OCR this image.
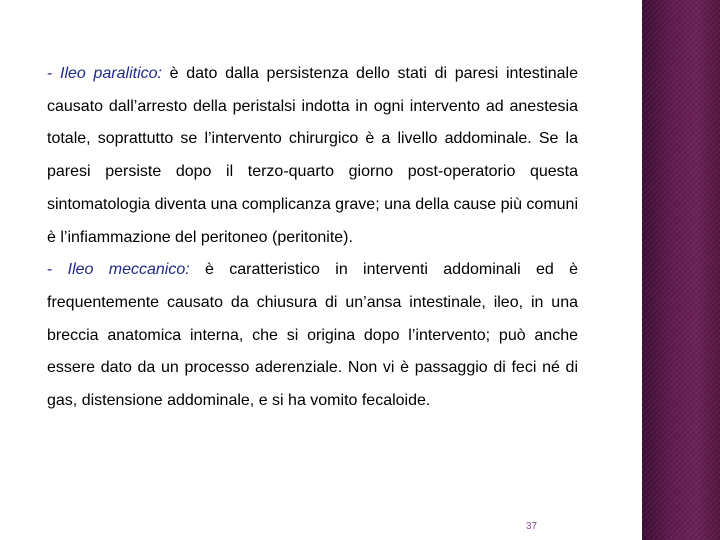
- Ileo paralitico: è dato dalla persistenza dello stati di paresi intestinale causato dall’arresto della peristalsi indotta in ogni intervento ad anestesia totale, soprattutto se l’intervento chirurgico è a livello addominale. Se la paresi persiste dopo il terzo-quarto giorno post-operatorio questa sintomatologia diventa una complicanza grave; una della cause più comuni è l’infiammazione del peritoneo (peritonite).

- Ileo meccanico: è caratteristico in interventi addominali ed è frequentemente causato da chiusura di un’ansa intestinale, ileo, in una breccia anatomica interna, che si origina dopo l’intervento; può anche essere dato da un processo aderenziale. Non vi è passaggio di feci né di gas, distensione addominale, e si ha vomito fecaloide.

37
